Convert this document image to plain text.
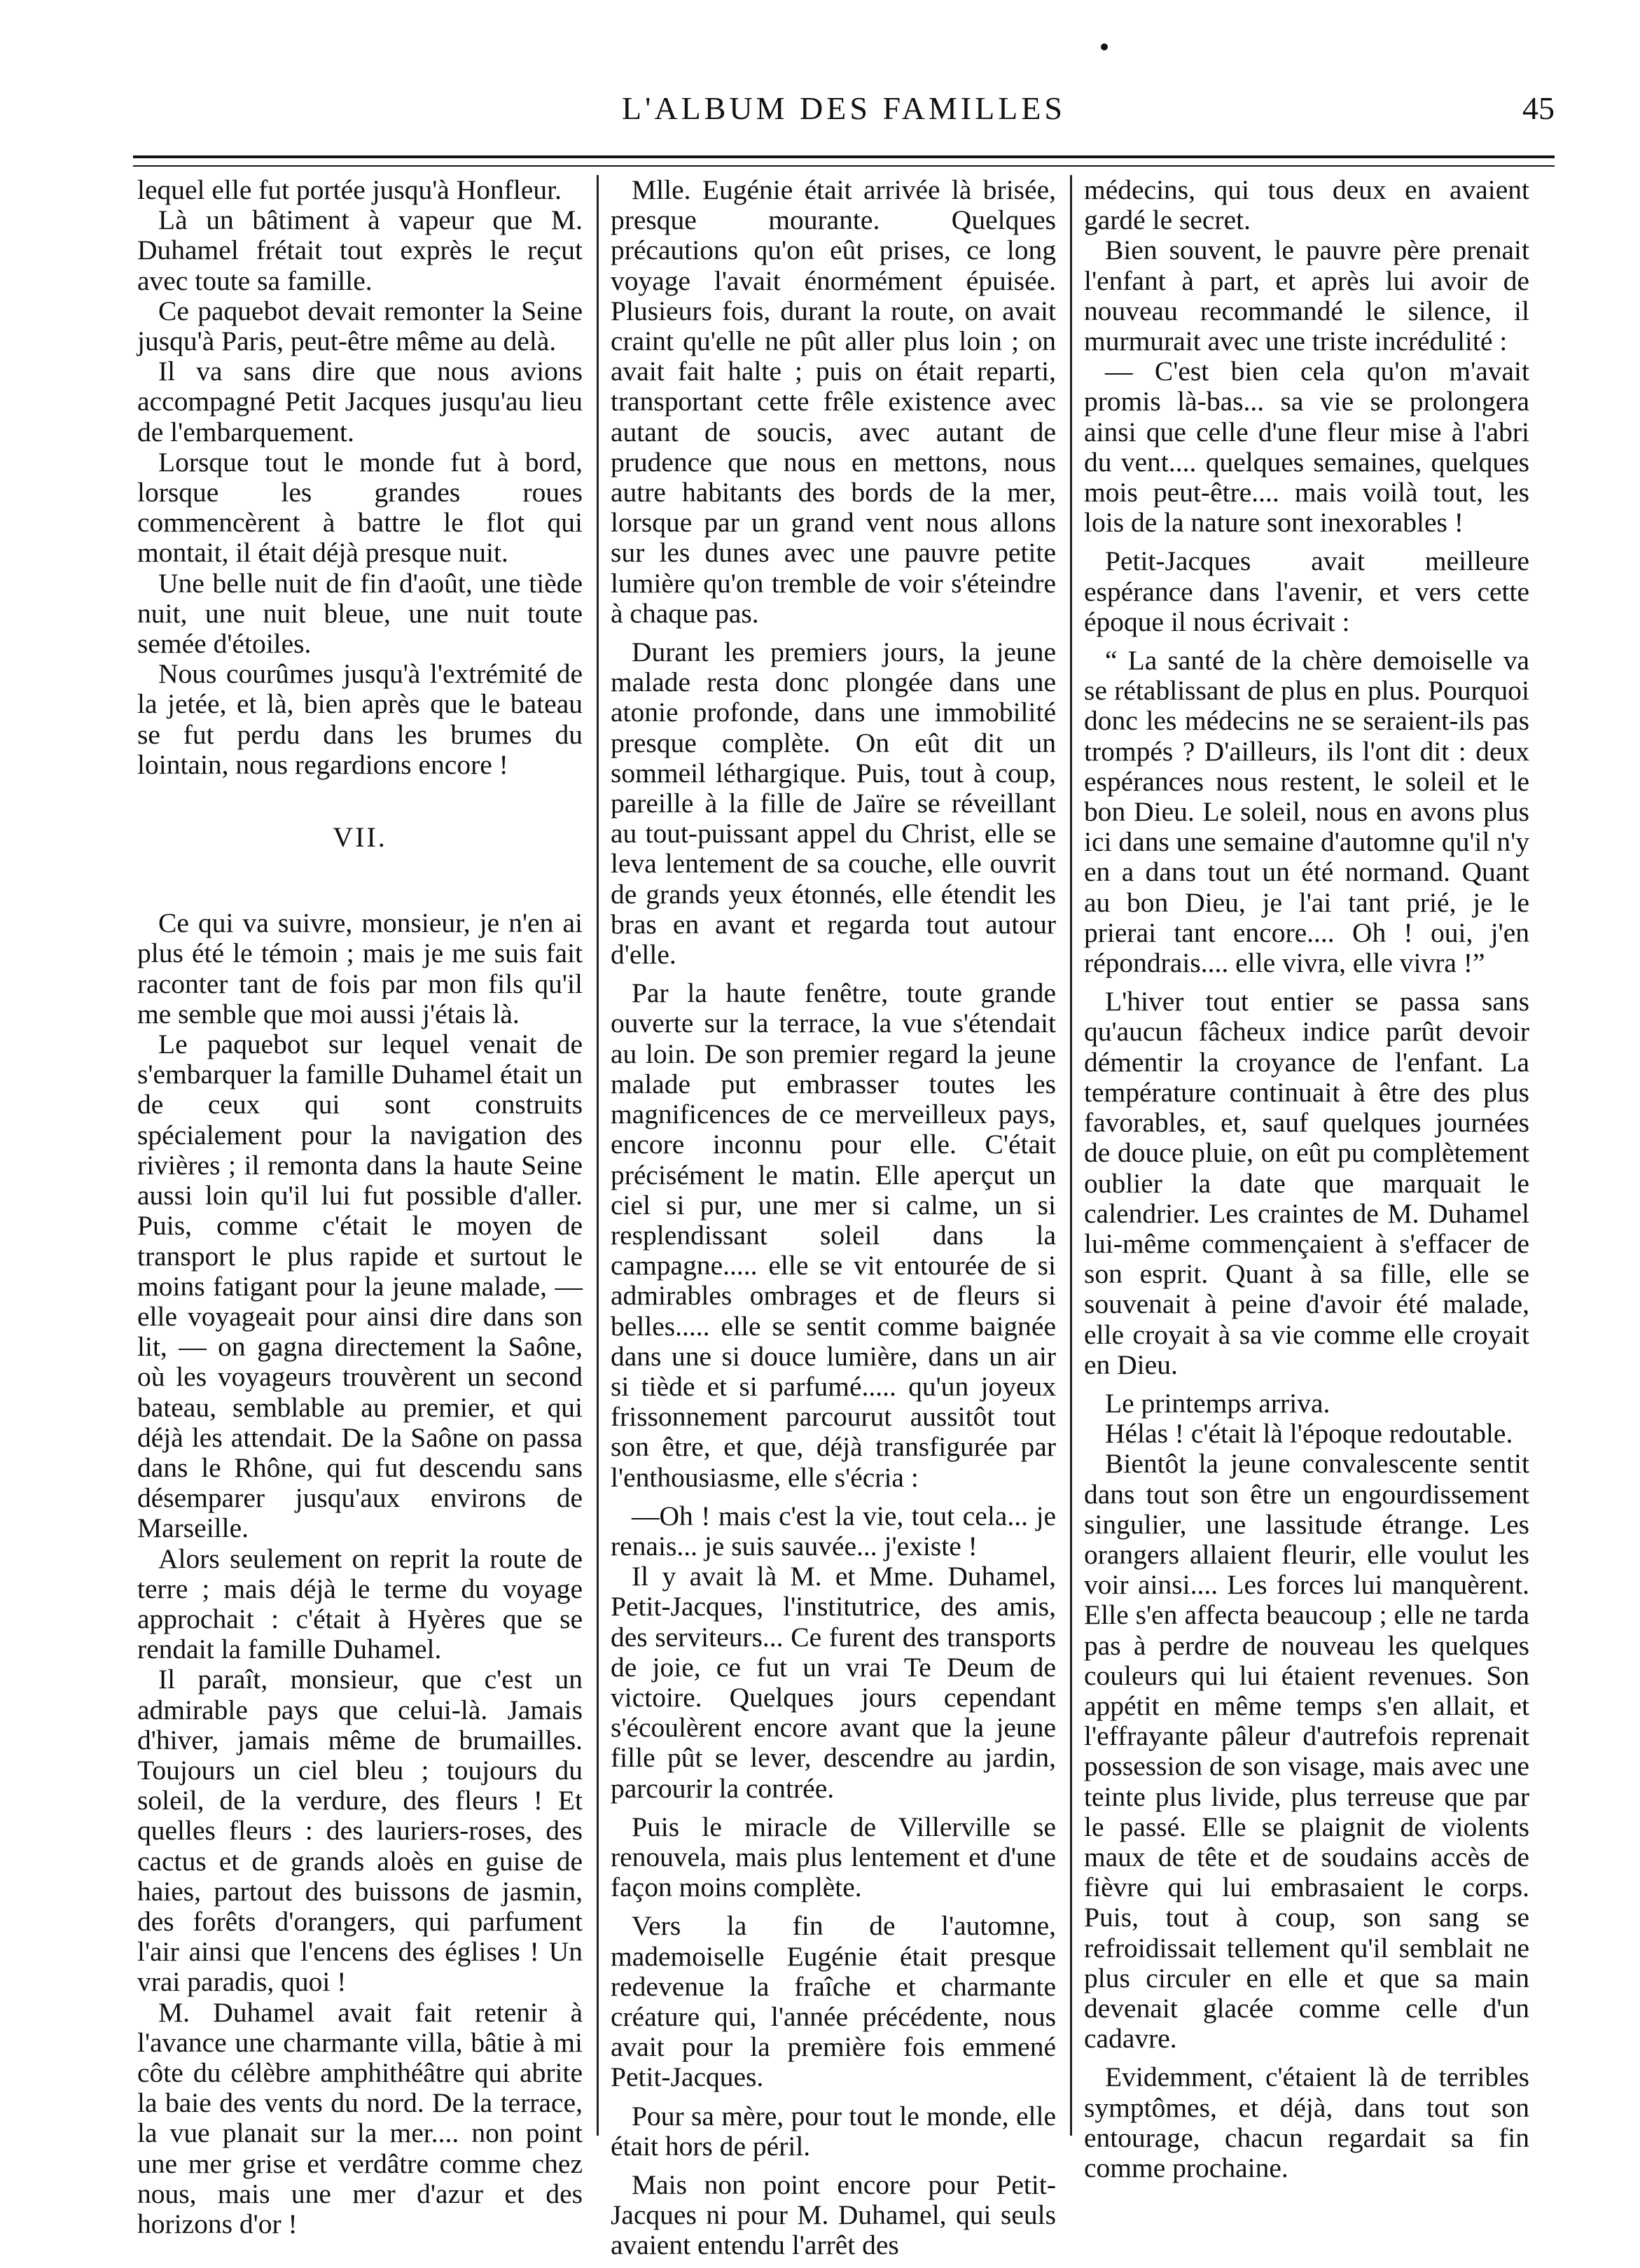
L'ALBUM DES FAMILLES	45

lequel elle fut portée jusqu'à Honfleur.

Là un bâtiment à vapeur que M. Duhamel frétait tout exprès le reçut avec toute sa famille.

Ce paquebot devait remonter la Seine jusqu'à Paris, peut-être même au delà.

Il va sans dire que nous avions accompagné Petit Jacques jusqu'au lieu de l'embarquement.

Lorsque tout le monde fut à bord, lorsque les grandes roues commencèrent à battre le flot qui montait, il était déjà presque nuit.

Une belle nuit de fin d'août, une tiède nuit, une nuit bleue, une nuit toute semée d'étoiles.

Nous courûmes jusqu'à l'extrémité de la jetée, et là, bien après que le bateau se fut perdu dans les brumes du lointain, nous regardions encore !

VII.

Ce qui va suivre, monsieur, je n'en ai plus été le témoin ; mais je me suis fait raconter tant de fois par mon fils qu'il me semble que moi aussi j'étais là.

Le paquebot sur lequel venait de s'embarquer la famille Duhamel était un de ceux qui sont construits spécialement pour la navigation des rivières ; il remonta dans la haute Seine aussi loin qu'il lui fut possible d'aller. Puis, comme c'était le moyen de transport le plus rapide et surtout le moins fatigant pour la jeune malade, — elle voyageait pour ainsi dire dans son lit, — on gagna directement la Saône, où les voyageurs trouvèrent un second bateau, semblable au premier, et qui déjà les attendait. De la Saône on passa dans le Rhône, qui fut descendu sans désemparer jusqu'aux environs de Marseille.

Alors seulement on reprit la route de terre ; mais déjà le terme du voyage approchait : c'était à Hyères que se rendait la famille Duhamel.

Il paraît, monsieur, que c'est un admirable pays que celui-là. Jamais d'hiver, jamais même de brumailles. Toujours un ciel bleu ; toujours du soleil, de la verdure, des fleurs ! Et quelles fleurs : des lauriers-roses, des cactus et de grands aloès en guise de haies, partout des buissons de jasmin, des forêts d'orangers, qui parfument l'air ainsi que l'encens des églises ! Un vrai paradis, quoi !

M. Duhamel avait fait retenir à l'avance une charmante villa, bâtie à mi côte du célèbre amphithéâtre qui abrite la baie des vents du nord. De la terrace, la vue planait sur la mer.... non point une mer grise et verdâtre comme chez nous, mais une mer d'azur et des horizons d'or !

Mlle. Eugénie était arrivée là brisée, presque mourante. Quelques précautions qu'on eût prises, ce long voyage l'avait énormément épuisée. Plusieurs fois, durant la route, on avait craint qu'elle ne pût aller plus loin ; on avait fait halte ; puis on était reparti, transportant cette frêle existence avec autant de soucis, avec autant de prudence que nous en mettons, nous autre habitants des bords de la mer, lorsque par un grand vent nous allons sur les dunes avec une pauvre petite lumière qu'on tremble de voir s'éteindre à chaque pas.

Durant les premiers jours, la jeune malade resta donc plongée dans une atonie profonde, dans une immobilité presque complète. On eût dit un sommeil léthargique. Puis, tout à coup, pareille à la fille de Jaïre se réveillant au tout-puissant appel du Christ, elle se leva lentement de sa couche, elle ouvrit de grands yeux étonnés, elle étendit les bras en avant et regarda tout autour d'elle.

Par la haute fenêtre, toute grande ouverte sur la terrace, la vue s'étendait au loin. De son premier regard la jeune malade put embrasser toutes les magnificences de ce merveilleux pays, encore inconnu pour elle. C'était précisément le matin. Elle aperçut un ciel si pur, une mer si calme, un si resplendissant soleil dans la campagne..... elle se vit entourée de si admirables ombrages et de fleurs si belles..... elle se sentit comme baignée dans une si douce lumière, dans un air si tiède et si parfumé..... qu'un joyeux frissonnement parcourut aussitôt tout son être, et que, déjà transfigurée par l'enthousiasme, elle s'écria :

—Oh ! mais c'est la vie, tout cela... je renais... je suis sauvée... j'existe !

Il y avait là M. et Mme. Duhamel, Petit-Jacques, l'institutrice, des amis, des serviteurs... Ce furent des transports de joie, ce fut un vrai Te Deum de victoire. Quelques jours cependant s'écoulèrent encore avant que la jeune fille pût se lever, descendre au jardin, parcourir la contrée.

Puis le miracle de Villerville se renouvela, mais plus lentement et d'une façon moins complète.

Vers la fin de l'automne, mademoiselle Eugénie était presque redevenue la fraîche et charmante créature qui, l'année précédente, nous avait pour la première fois emmené Petit-Jacques.

Pour sa mère, pour tout le monde, elle était hors de péril.

Mais non point encore pour Petit-Jacques ni pour M. Duhamel, qui seuls avaient entendu l'arrêt des

médecins, qui tous deux en avaient gardé le secret.

Bien souvent, le pauvre père prenait l'enfant à part, et après lui avoir de nouveau recommandé le silence, il murmurait avec une triste incrédulité :

— C'est bien cela qu'on m'avait promis là-bas... sa vie se prolongera ainsi que celle d'une fleur mise à l'abri du vent.... quelques semaines, quelques mois peut-être.... mais voilà tout, les lois de la nature sont inexorables !

Petit-Jacques avait meilleure espérance dans l'avenir, et vers cette époque il nous écrivait :

“ La santé de la chère demoiselle va se rétablissant de plus en plus. Pourquoi donc les médecins ne se seraient-ils pas trompés ? D'ailleurs, ils l'ont dit : deux espérances nous restent, le soleil et le bon Dieu. Le soleil, nous en avons plus ici dans une semaine d'automne qu'il n'y en a dans tout un été normand. Quant au bon Dieu, je l'ai tant prié, je le prierai tant encore.... Oh ! oui, j'en répondrais.... elle vivra, elle vivra !”

L'hiver tout entier se passa sans qu'aucun fâcheux indice parût devoir démentir la croyance de l'enfant. La température continuait à être des plus favorables, et, sauf quelques journées de douce pluie, on eût pu complètement oublier la date que marquait le calendrier. Les craintes de M. Duhamel lui-même commençaient à s'effacer de son esprit. Quant à sa fille, elle se souvenait à peine d'avoir été malade, elle croyait à sa vie comme elle croyait en Dieu.

Le printemps arriva.

Hélas ! c'était là l'époque redoutable.

Bientôt la jeune convalescente sentit dans tout son être un engourdissement singulier, une lassitude étrange. Les orangers allaient fleurir, elle voulut les voir ainsi.... Les forces lui manquèrent. Elle s'en affecta beaucoup ; elle ne tarda pas à perdre de nouveau les quelques couleurs qui lui étaient revenues. Son appétit en même temps s'en allait, et l'effrayante pâleur d'autrefois reprenait possession de son visage, mais avec une teinte plus livide, plus terreuse que par le passé. Elle se plaignit de violents maux de tête et de soudains accès de fièvre qui lui embrasaient le corps. Puis, tout à coup, son sang se refroidissait tellement qu'il semblait ne plus circuler en elle et que sa main devenait glacée comme celle d'un cadavre.

Evidemment, c'étaient là de terribles symptômes, et déjà, dans tout son entourage, chacun regardait sa fin comme prochaine.
